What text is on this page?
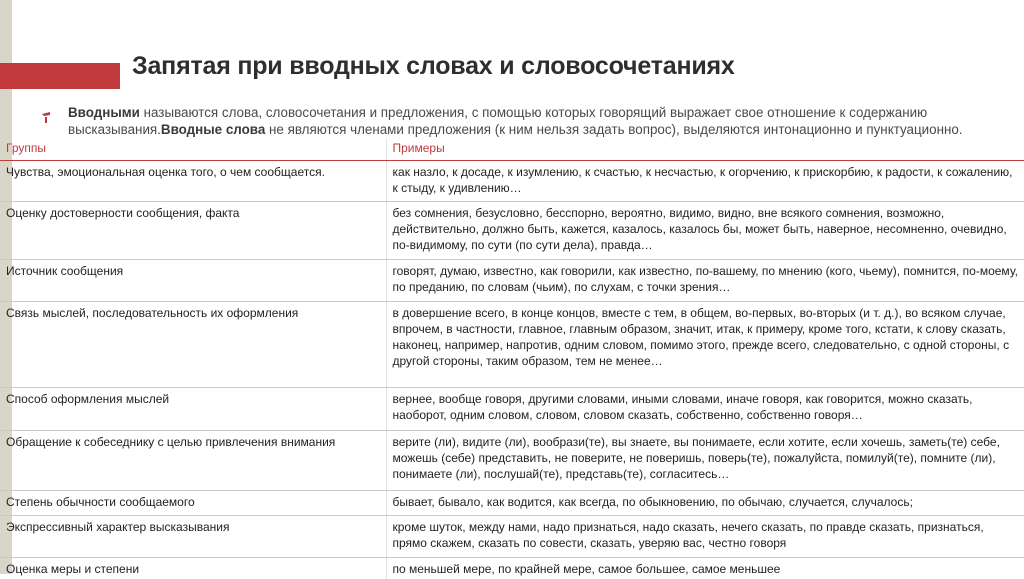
Запятая при вводных словах и словосочетаниях
Вводными называются слова, словосочетания и предложения, с помощью которых говорящий выражает свое отношение к содержанию высказывания.Вводные слова не являются членами предложения (к ним нельзя задать вопрос), выделяются интонационно и пунктуационно.
Группы	Примеры
Чувства, эмоциональная оценка того, о чем сообщается.	как назло, к досаде, к изумлению, к счастью, к несчастью, к огорчению, к прискорбию, к радости, к сожалению, к стыду, к удивлению…
Оценку достоверности сообщения, факта	без сомнения, безусловно, бесспорно, вероятно, видимо, видно, вне всякого сомнения, возможно, действительно, должно быть, кажется, казалось, казалось бы, может быть, наверное, несомненно, очевидно, по-видимому, по сути (по сути дела), правда…
Источник сообщения	говорят, думаю, известно, как говорили, как известно, по-вашему, по мнению (кого, чьему), помнится, по-моему, по преданию, по словам (чьим), по слухам, с точки зрения…
Связь мыслей, последовательность их оформления	в довершение всего, в конце концов, вместе с тем, в общем, во-первых, во-вторых (и т. д.), во всяком случае, впрочем, в частности, главное, главным образом, значит, итак, к примеру, кроме того, кстати, к слову сказать, наконец, например, напротив, одним словом, помимо этого, прежде всего, следовательно, с одной стороны, с другой стороны, таким образом, тем не менее…
Способ оформления мыслей	вернее, вообще говоря, другими словами, иными словами, иначе говоря, как говорится, можно сказать, наоборот, одним словом, словом, словом сказать, собственно, собственно говоря…
Обращение к собеседнику с целью привлечения внимания	верите (ли), видите (ли), вообрази(те), вы знаете, вы понимаете, если хотите, если хочешь, заметь(те) себе, можешь (себе) представить, не поверите, не поверишь, поверь(те), пожалуйста, помилуй(те), помните (ли), понимаете (ли), послушай(те), представь(те), согласитесь…
Степень обычности сообщаемого	бывает, бывало, как водится, как всегда, по обыкновению, по обычаю, случается, случалось;
Экспрессивный характер высказывания	кроме шуток, между нами, надо признаться, надо сказать, нечего сказать, по правде сказать, признаться, прямо скажем, сказать по совести, сказать, уверяю вас, честно говоря
Оценка меры и степени	по меньшей мере, по крайней мере, самое большее, самое меньшее
